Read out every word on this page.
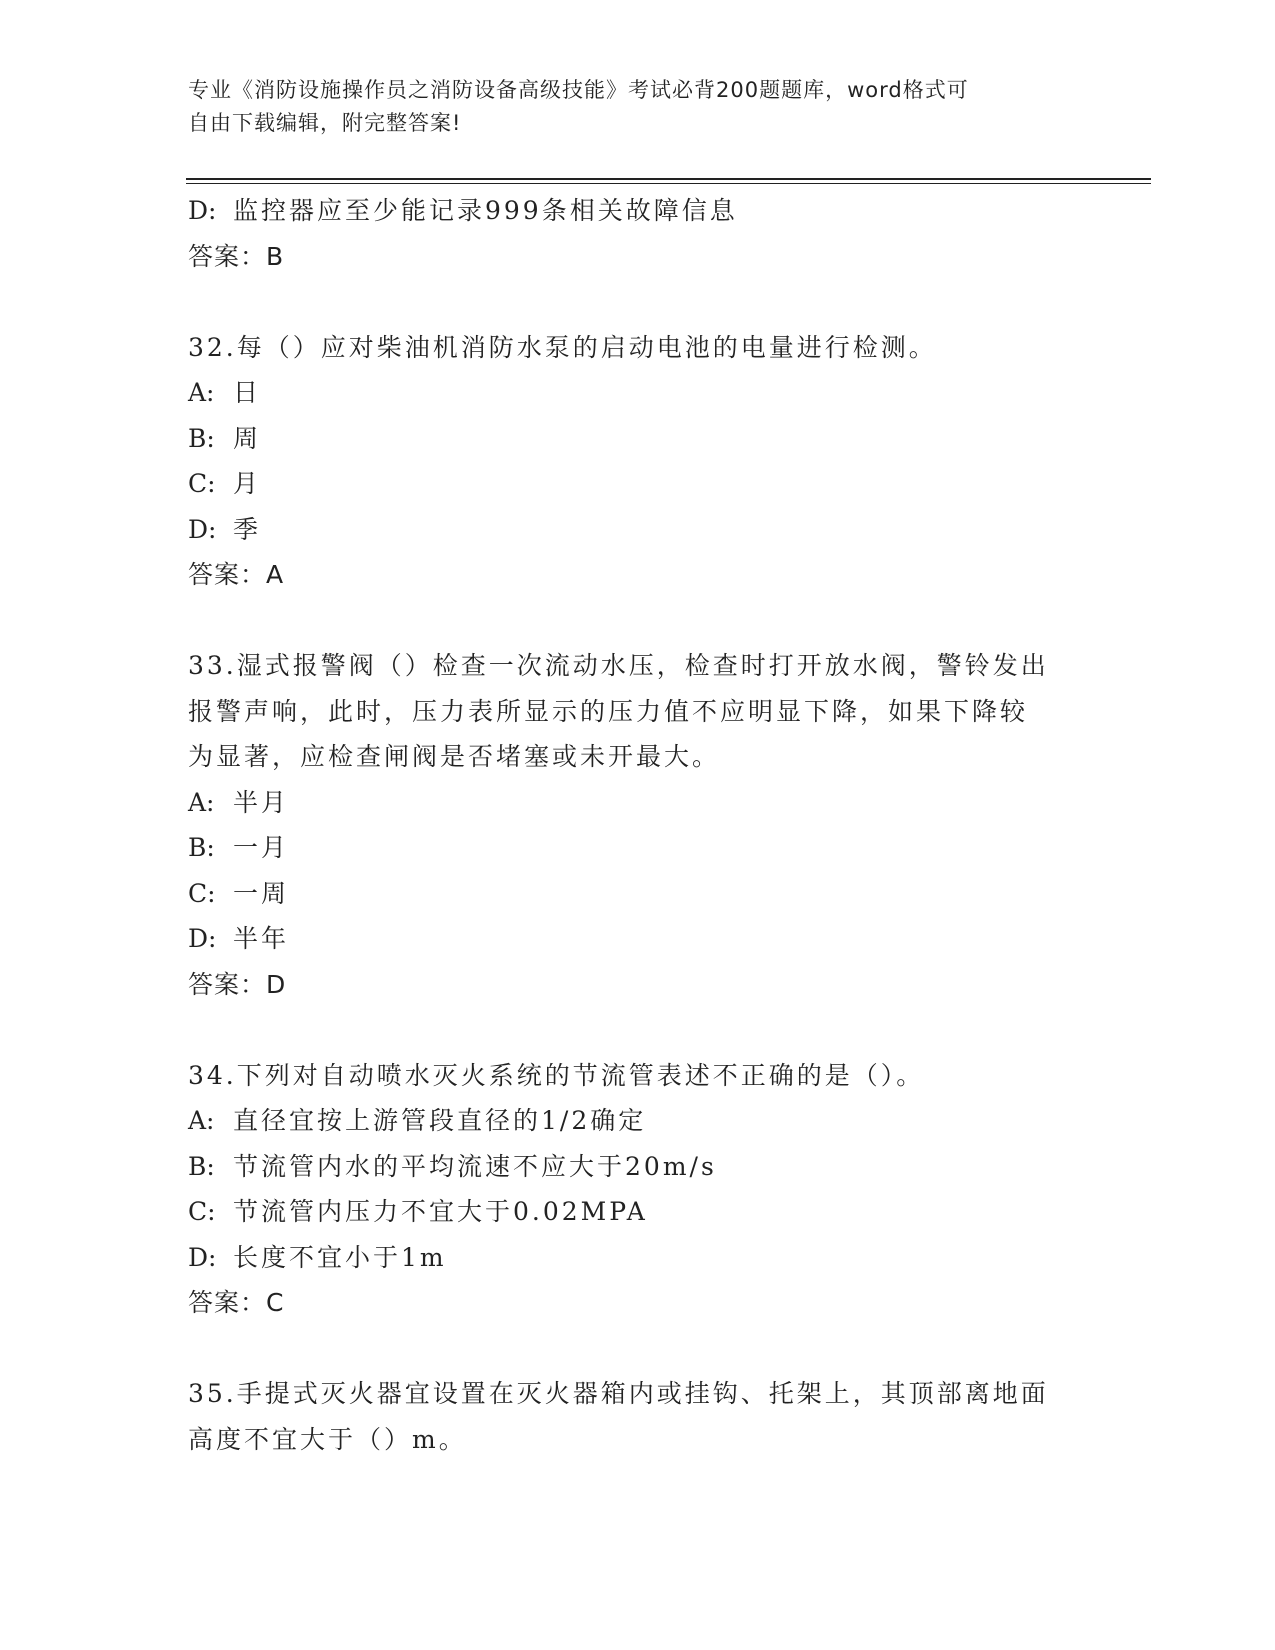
专业《消防设施操作员之消防设备高级技能》考试必背200题题库，word格式可
自由下载编辑，附完整答案!
D: 监控器应至少能记录999条相关故障信息
答案：B
32.每（）应对柴油机消防水泵的启动电池的电量进行检测。
A: 日
B: 周
C: 月
D: 季
答案：A
33.湿式报警阀（）检查一次流动水压，检查时打开放水阀，警铃发出
报警声响，此时，压力表所显示的压力值不应明显下降，如果下降较
为显著，应检查闸阀是否堵塞或未开最大。
A: 半月
B: 一月
C: 一周
D: 半年
答案：D
34.下列对自动喷水灭火系统的节流管表述不正确的是（）。
A: 直径宜按上游管段直径的1/2确定
B: 节流管内水的平均流速不应大于20m/s
C: 节流管内压力不宜大于0.02MPA
D: 长度不宜小于1m
答案：C
35.手提式灭火器宜设置在灭火器箱内或挂钩、托架上，其顶部离地面
高度不宜大于（）m。
